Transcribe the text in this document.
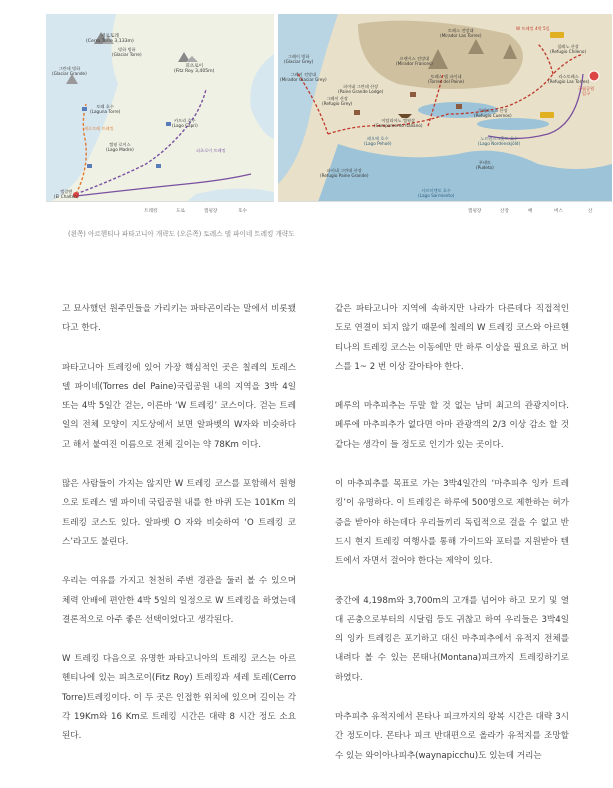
세로토레
(Cerro Torre 3,133m)
빙하 빙하
(Glaciar Torre)
그란데 빙하
(Glaciar Grande)
피츠로이
(Fitz Roy 3,405m)
토레 호수
(Laguna Torre)
캠핑 로이스
(Lago Madre)
카프리 호수
(Lago Capri)
엘찰텐
(El Chaltén)
피츠로이 트레킹
세로토레 트레킹
트레킹	도로	캠핑장	호수
그레이 빙하
(Glaciar Grey)
그레이 전망대
(Mirador Glaciar Grey)
그레이 산장
(Refugio Grey)
파이네 그란데 산장
(Paine Grande Lodge)
프랜시스 전망대
(Mirador Frances)
이탈리아노 캠핑장
(Campamento Italiano)
쿠에르노스 산장
(Refugio Cuernos)
토레스 전망대
(Mirador Las Torres)
칠레노 산장
(Refugio Chileno)
라스토레스
(Refugio Las Torres)
토레스 델 파이네
(Torres del Paine)
페오에 호수
(Lago Pehoé)
노르덴스크홀드 호수
(Lago Nordenskjöld)
푸데토
(Pudeto)
파이네 그란데 산장
(Refugio Paine Grande)
사르미엔토 호수
(Lago Sarmiento)
W 트레킹 4박 5일
국립공원
입구
캠핑장	산장	배	버스	산
(왼쪽) 아르헨티나 파타고니아 개략도 (오른쪽) 토레스 델 파이네 트레킹 개략도

고 묘사했던 원주민들을 가리키는 파타곤이라는 말에서 비롯됐다고 한다.

파타고니아 트레킹에 있어 가장 핵심적인 곳은 칠레의 토레스 델 파이네(Torres del Paine)국립공원 내의 지역을 3박 4일 또는 4박 5일간 걷는, 이른바 ‘W 트레킹’ 코스이다. 걷는 트레일의 전체 모양이 지도상에서 보면 알파벳의 W자와 비슷하다고 해서 붙여진 이름으로 전체 길이는 약 78Km 이다.

많은 사람들이 가지는 않지만 W 트레킹 코스를 포함해서 원형으로 토레스 델 파이네 국립공원 내를 한 바퀴 도는 101Km 의 트레킹 코스도 있다. 알파벳 O 자와 비슷하여 ‘O 트레킹 코스’라고도 불린다.

우리는 여유를 가지고 천천히 주변 경관을 둘러 볼 수 있으며 체력 안배에 편안한 4박 5일의 일정으로 W 트레킹을 하였는데 결론적으로 아주 좋은 선택이었다고 생각된다.

W 트레킹 다음으로 유명한 파타고니아의 트레킹 코스는 아르헨티나에 있는 피츠로이(Fitz Roy) 트레킹과 세레 토레(Cerro Torre)트레킹이다. 이 두 곳은 인접한 위치에 있으며 길이는 각각 19Km와 16 Km로 트레킹 시간은 대략 8 시간 정도 소요 된다.

같은 파타고니아 지역에 속하지만 나라가 다른데다 직접적인 도로 연결이 되지 않기 때문에 칠레의 W 트레킹 코스와 아르헨티나의 트레킹 코스는 이동에만 만 하루 이상을 필요로 하고 버스를 1~ 2 번 이상 갈아타야 한다.

페루의 마추피추는 두말 할 것 없는 남미 최고의 관광지이다. 페루에 마추피추가 없다면 아마 관광객의 2/3 이상 감소 할 것 같다는 생각이 들 정도로 인기가 있는 곳이다.

이 마추피추를 목표로 가는 3박4일간의 ‘마추피추 잉카 트레킹’이 유명하다. 이 트레킹은 하루에 500명으로 제한하는 허가증을 받아야 하는데다 우리들끼리 독립적으로 걸을 수 없고 반드시 현지 트레킹 여행사를 통해 가이드와 포터를 지원받아 텐트에서 자면서 걸어야 한다는 제약이 있다.

중간에 4,198m와 3,700m의 고개를 넘어야 하고 모기 및 열대 곤충으로부터의 시달림 등도 귀찮고 하여 우리들은 3박4일의 잉카 트레킹은 포기하고 대신 마추피추에서 유적지 전체를 내려다 볼 수 있는 몬태나(Montana)피크까지 트레킹하기로 하였다.

마추피추 유적지에서 몬타나 피크까지의 왕복 시간은 대략 3시간 정도이다. 몬타나 피크 반대편으로 올라가 유적지를 조망할 수 있는 와이아나피추(waynapicchu)도 있는데 거리는
